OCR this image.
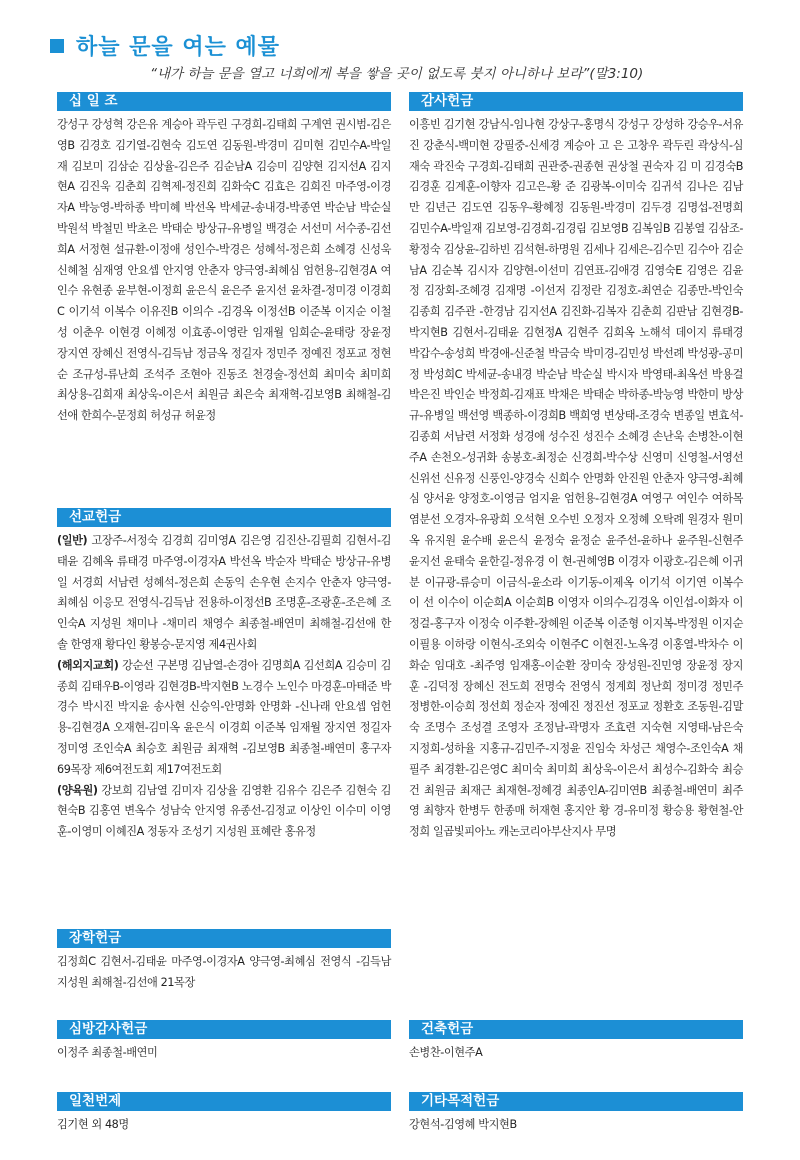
하늘 문을 여는 예물
“내가 하늘 문을 열고 너희에게 복을 쌓을 곳이 없도록 붓지 아니하나 보라”(말3:10)
십 일 조
강성구 강성혁 강은유 계승아 곽두린 구경희-김태희 구계연 권시범-김은영B 김경호 김기열-김현숙 김도연 김동원-박경미 김미현 김민수A-박일재 김보미 김삼순 김상율-김은주 김순남A 김승미 김양현 김지선A 김지현A 김진욱 김춘희 김혁제-정진희 김화숙C 김효은 김희진 마주영-이경자A 박능영-박하종 박미혜 박선옥 박세균-송내경-박종연 박순남 박순실 박원석 박철민 박초은 박태순 방상규-유병일 백경순 서선미 서수종-김선희A 서정현 설규환-이정애 성인수-박경은 성혜석-정은희 소혜경 신성욱 신혜철 심재영 안요셉 안지영 안춘자 양극영-최혜심 엄헌용-김현경A 여인수 유현종 윤부현-이정희 윤은식 윤은주 윤지선 윤차결-정미경 이경희C 이기석 이복수 이유진B 이의수 -김경옥 이정선B 이준복 이지순 이철성 이춘우 이현경 이혜정 이효종-이영란 임재월 임희순-윤태랑 장윤정 장지연 장혜신 전영식-김득남 정금옥 정길자 정민주 정예진 정포교 정현순 조규성-류난희 조석주 조현아 진동조 천경술-정선희 최미숙 최미희 최상용-김희재 최상욱-이은서 최원금 최은숙 최재혁-김보영B 최해철-김선애 한희수-문정희 허성규 허윤정
선교헌금
(일반) 고장주-서정숙 김경희 김미영A 김은영 김진산-김필희 김현서-김태윤 김혜옥 류태경 마주영-이경자A 박선옥 박순자 박태순 방상규-유병일 서경희 서남련 성혜석-정은희 손동익 손우현 손지수 안춘자 양극영-최혜심 이응모 전영식-김득남 전용하-이정선B 조명훈-조광훈-조은혜 조인숙A 지성원 채미나 -채미리 채영수 최종철-배연미 최해철-김선애 한 솔 한영재 황다인 황봉승-문지영 제4권사회
(해외지교회) 강순선 구본명 김남열-손경아 김명희A 김선희A 김승미 김종희 김태우B-이영라 김현경B-박지현B 노경수 노인수 마경훈-마태준 박경수 박시진 박지윤 송사현 신승익-안명화 안명화 -신나래 안요셉 엄헌용-김현경A 오재현-김미옥 윤은식 이경희 이준복 임재월 장지연 정길자 정미영 조인숙A 최승호 최원금 최재혁 -김보영B 최종철-배연미 홍구자 69목장 제6여전도회 제17여전도회
(양육원) 강보희 김남열 김미자 김상율 김영환 김유수 김은주 김현숙 김현숙B 김홍연 변옥수 성남숙 안지영 유종선-김정교 이상인 이수미 이영훈-이영미 이혜진A 정동자 조성기 지성원 표혜란 홍유정
장학헌금
김정희C 김현서-김태윤 마주영-이경자A 양극영-최혜심 전영식 -김득남 지성원 최해철-김선애 21목장
심방감사헌금
이정주 최종철-배연미
일천번제
김기현 외 48명
감사헌금
이흥빈 김기현 강남식-임나현 강상구-홍명식 강성구 강성하 강승우-서유진 강춘식-백미현 강필중-신세경 계승아 고 은 고창우 곽두린 곽상식-심재숙 곽진숙 구경희-김태희 권관중-권종현 권상철 권숙자 김 미 김경숙B 김경훈 김계훈-이향자 김고은-황 준 김광복-이미숙 김귀석 김나은 김남만 김년근 김도연 김동우-황혜정 김동원-박경미 김두경 김명섭-전명희 김민수A-박일재 김보영-김경희-김경림 김보영B 김복임B 김봉열 김삼조-황정숙 김상윤-김하빈 김석현-하명원 김세나 김세은-김수민 김수아 김순남A 김순복 김시자 김양현-이선미 김연표-김애경 김영숙E 김영은 김윤정 김장회-조혜경 김재명 -이선저 김정란 김정호-최연순 김종만-박인숙 김종희 김주관 -한경남 김지선A 김진화-김복자 김춘희 김판남 김현경B-박지현B 김현서-김태윤 김현정A 김현주 김희옥 노해석 데이지 류태경 박갑수-송성희 박경애-신준철 박금숙 박미경-김민성 박선례 박성광-공미정 박성희C 박세균-송내경 박순남 박순실 박시자 박영태-최옥선 박용걸 박은진 박인순 박정희-김재표 박채은 박태순 박하종-박능영 박한미 방상규-유병일 백선영 백종하-이경희B 백희영 변상태-조경숙 변종일 변효석-김종희 서남련 서정화 성경애 성수진 성진수 소혜경 손난욱 손병찬-이현주A 손천오-성귀화 송봉호-최정순 신경희-박수상 신영미 신영철-서영선 신위선 신유정 신풍인-양경숙 신희수 안명화 안진원 안춘자 양극영-최혜심 양서윤 양정호-이영금 엄지윤 엄헌용-김현경A 여영구 여인수 여하목 염분선 오경자-유광희 오석현 오수빈 오정자 오정혜 오탁례 원경자 원미옥 유지원 윤수배 윤은식 윤정숙 윤정순 윤주선-윤하나 윤주원-신현주 윤지선 윤태숙 윤한길-정유경 이 현-권혜영B 이경자 이광호-김은혜 이귀분 이규광-류승미 이금식-윤소라 이기동-이제옥 이기석 이기연 이복수 이 선 이수이 이순희A 이순희B 이영자 이의수-김경옥 이인섭-이화자 이정걸-홍구자 이정숙 이주환-장혜원 이준복 이준형 이지복-박정원 이지순 이필용 이하랑 이현식-조외숙 이현주C 이현진-노옥경 이홍열-박차수 이화순 임대호 -최주영 임재홍-이순환 장미숙 장성원-진민영 장윤정 장지훈 -김덕정 장혜신 전도희 전명숙 전영식 정계희 정난희 정미경 정민주 정병한-이승희 정선희 정순자 정예진 정진선 정포교 정환호 조동원-김말숙 조명수 조성결 조영자 조정남-곽명자 조효련 지숙현 지영태-남은숙 지정희-성하율 지홍규-김민주-지정윤 진임숙 차성근 채영수-조인숙A 채필주 최경환-김은영C 최미숙 최미희 최상욱-이은서 최성수-김화숙 최승건 최원금 최재근 최재현-정혜경 최종인A-김미연B 최종철-배연미 최주영 최향자 한병두 한종매 허재현 홍지안 황 경-유미정 황승용 황현철-안정희 일곱빛피아노 캐논코리아부산지사 무명
건축헌금
손병찬-이현주A
기타목적헌금
강현석-김영혜 박지현B
